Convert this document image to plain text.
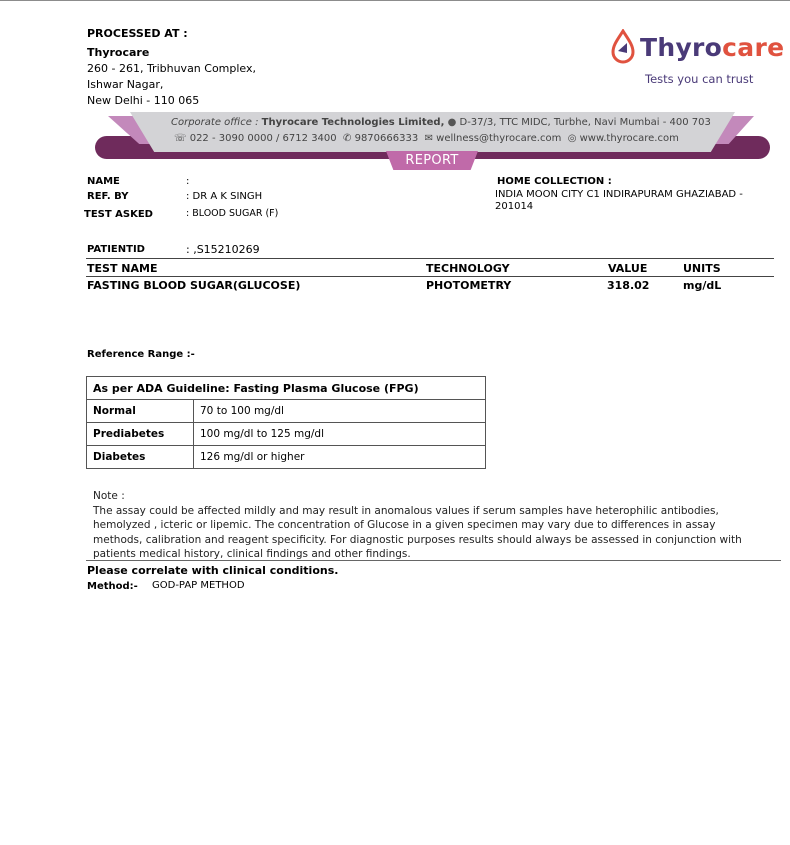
PROCESSED AT :
Thyrocare
260 - 261, Tribhuvan Complex,
Ishwar Nagar,
New Delhi - 110 065
Thyrocare
Tests you can trust
Corporate office : Thyrocare Technologies Limited, ● D-37/3, TTC MIDC, Turbhe, Navi Mumbai - 400 703
☏ 022 - 3090 0000 / 6712 3400 ✆ 9870666333 ✉ wellness@thyrocare.com ◎ www.thyrocare.com
REPORT
NAME	:
REF. BY	: DR A K SINGH
TEST ASKED	: BLOOD SUGAR (F)
HOME COLLECTION :
INDIA MOON CITY C1 INDIRAPURAM GHAZIABAD -
201014
PATIENTID	: ,S15210269
TEST NAME	TECHNOLOGY	VALUE	UNITS
FASTING BLOOD SUGAR(GLUCOSE)	PHOTOMETRY	318.02	mg/dL
Reference Range :-
As per ADA Guideline: Fasting Plasma Glucose (FPG)	
Normal	70 to 100 mg/dl
Prediabetes	100 mg/dl to 125 mg/dl
Diabetes	126 mg/dl or higher
Note :
The assay could be affected mildly and may result in anomalous values if serum samples have heterophilic antibodies, hemolyzed , icteric or lipemic. The concentration of Glucose in a given specimen may vary due to differences in assay methods, calibration and reagent specificity. For diagnostic purposes results should always be assessed in conjunction with patients medical history, clinical findings and other findings.
Please correlate with clinical conditions.
Method:- GOD-PAP METHOD
